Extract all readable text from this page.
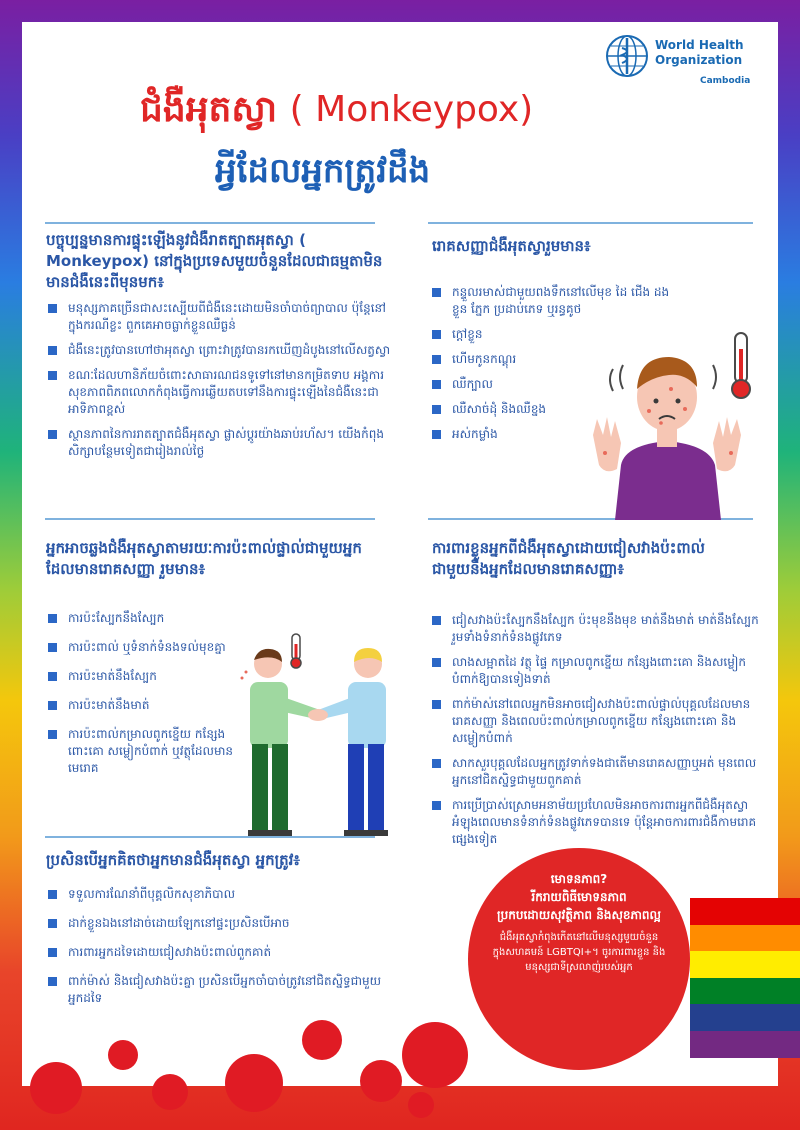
World Health
Organization
Cambodia
ជំងឺអុតស្វា ( Monkeypox)
អ្វីដែលអ្នកត្រូវដឹង
បច្ចុប្បន្នមានការផ្ទុះឡើងនូវជំងឺរាតត្បាតអុតស្វា ( Monkeypox) នៅក្នុងប្រទេសមួយចំនួនដែលជាធម្មតាមិនមានជំងឺនេះពីមុនមក៖
មនុស្សភាគច្រើនជាសះស្បើយពីជំងឺនេះដោយមិនចាំបាច់ព្យាបាល ប៉ុន្តែនៅក្នុងករណីខ្លះ ពួកគេអាចធ្លាក់ខ្លួនឈឺធ្ងន់
ជំងឺនេះត្រូវបានហៅថាអុតស្វា ព្រោះវាត្រូវបានរកឃើញដំបូងនៅលើសត្វស្វា
ខណៈដែលហានិភ័យចំពោះសាធារណជនទូទៅនៅមានកម្រិតទាប អង្គការសុខភាពពិភពលោកកំពុងធ្វើការឆ្លើយតបទៅនឹងការផ្ទុះឡើងនៃជំងឺនេះជាអាទិភាពខ្ពស់
ស្ថានភាពនៃការរាតត្បាតជំងឺអុតស្វា ផ្លាស់ប្ដូរយ៉ាងឆាប់រហ័ស។ យើងកំពុងសិក្សាបន្ថែមទៀតជារៀងរាល់ថ្ងៃ
រោគសញ្ញាជំងឺអុតស្វារួមមាន៖
កន្ទួលរមាស់ជាមួយពងទឹកនៅលើមុខ ដៃ ជើង ដងខ្លួន ភ្នែក ប្រដាប់ភេទ ឬរន្ធគូថ
ក្ដៅខ្លួន
ហើមកូនកណ្ដុរ
ឈឺក្បាល
ឈឺសាច់ដុំ និងឈឺខ្នង
អស់កម្លាំង
អ្នកអាចឆ្លងជំងឺអុតស្វាតាមរយៈការប៉ះពាល់ផ្ទាល់ជាមួយអ្នកដែលមានរោគសញ្ញា រួមមាន៖
ការប៉ះស្បែកនឹងស្បែក
ការប៉ះពាល់ ឬទំនាក់ទំនងទល់មុខគ្នា
ការប៉ះមាត់នឹងស្បែក
ការប៉ះមាត់នឹងមាត់
ការប៉ះពាល់កម្រាលពូកខ្នើយ កន្សែងពោះគោ សម្លៀកបំពាក់ ឬវត្ថុដែលមានមេរោគ
ការពារខ្លួនអ្នកពីជំងឺអុតស្វាដោយជៀសវាងប៉ះពាល់ជាមួយនឹងអ្នកដែលមានរោគសញ្ញា៖
ជៀសវាងប៉ះស្បែកនឹងស្បែក ប៉ះមុខនឹងមុខ មាត់នឹងមាត់ មាត់នឹងស្បែក រួមទាំងទំនាក់ទំនងផ្លូវភេទ
លាងសម្អាតដៃ វត្ថុ ផ្ទៃ កម្រាលពូកខ្នើយ កន្សែងពោះគោ និងសម្លៀកបំពាក់ឱ្យបានទៀងទាត់
ពាក់ម៉ាស់នៅពេលអ្នកមិនអាចជៀសវាងប៉ះពាល់ផ្ទាល់បុគ្គលដែលមានរោគសញ្ញា និងពេលប៉ះពាល់កម្រាលពូកខ្នើយ កន្សែងពោះគោ និងសម្លៀកបំពាក់
សាកសួរបុគ្គលដែលអ្នកត្រូវទាក់ទងជាតើមានរោគសញ្ញាឬអត់ មុនពេលអ្នកនៅជិតស្និទ្ធជាមួយពួកគាត់
ការប្រើប្រាស់ស្រោមអនាម័យប្រហែលមិនអាចការពារអ្នកពីជំងឺអុតស្វាអំឡុងពេលមានទំនាក់ទំនងផ្លូវភេទបានទេ ប៉ុន្តែអាចការពារជំងឺកាមរោគផ្សេងទៀត
ប្រសិនបើអ្នកគិតថាអ្នកមានជំងឺអុតស្វា អ្នកត្រូវ៖
ទទួលការណែនាំពីបុគ្គលិកសុខាភិបាល
ដាក់ខ្លួនឯងនៅដាច់ដោយឡែកនៅផ្ទះប្រសិនបើអាច
ការពារអ្នកដទៃដោយជៀសវាងប៉ះពាល់ពួកគាត់
ពាក់ម៉ាស់ និងជៀសវាងប៉ះគ្នា ប្រសិនបើអ្នកចាំបាច់ត្រូវនៅជិតស្និទ្ធជាមួយអ្នកដទៃ
មោទនភាព?
រីករាយពិធីមោទនភាព
ប្រកបដោយសុវត្ថិភាព និងសុខភាពល្អ
ជំងឺអុតស្វាកំពុងកើតនៅលើមនុស្សមួយចំនួនក្នុងសហគមន៍ LGBTQI+។ ចូរការពារខ្លួន និងមនុស្សជាទីស្រលាញ់របស់អ្នក
